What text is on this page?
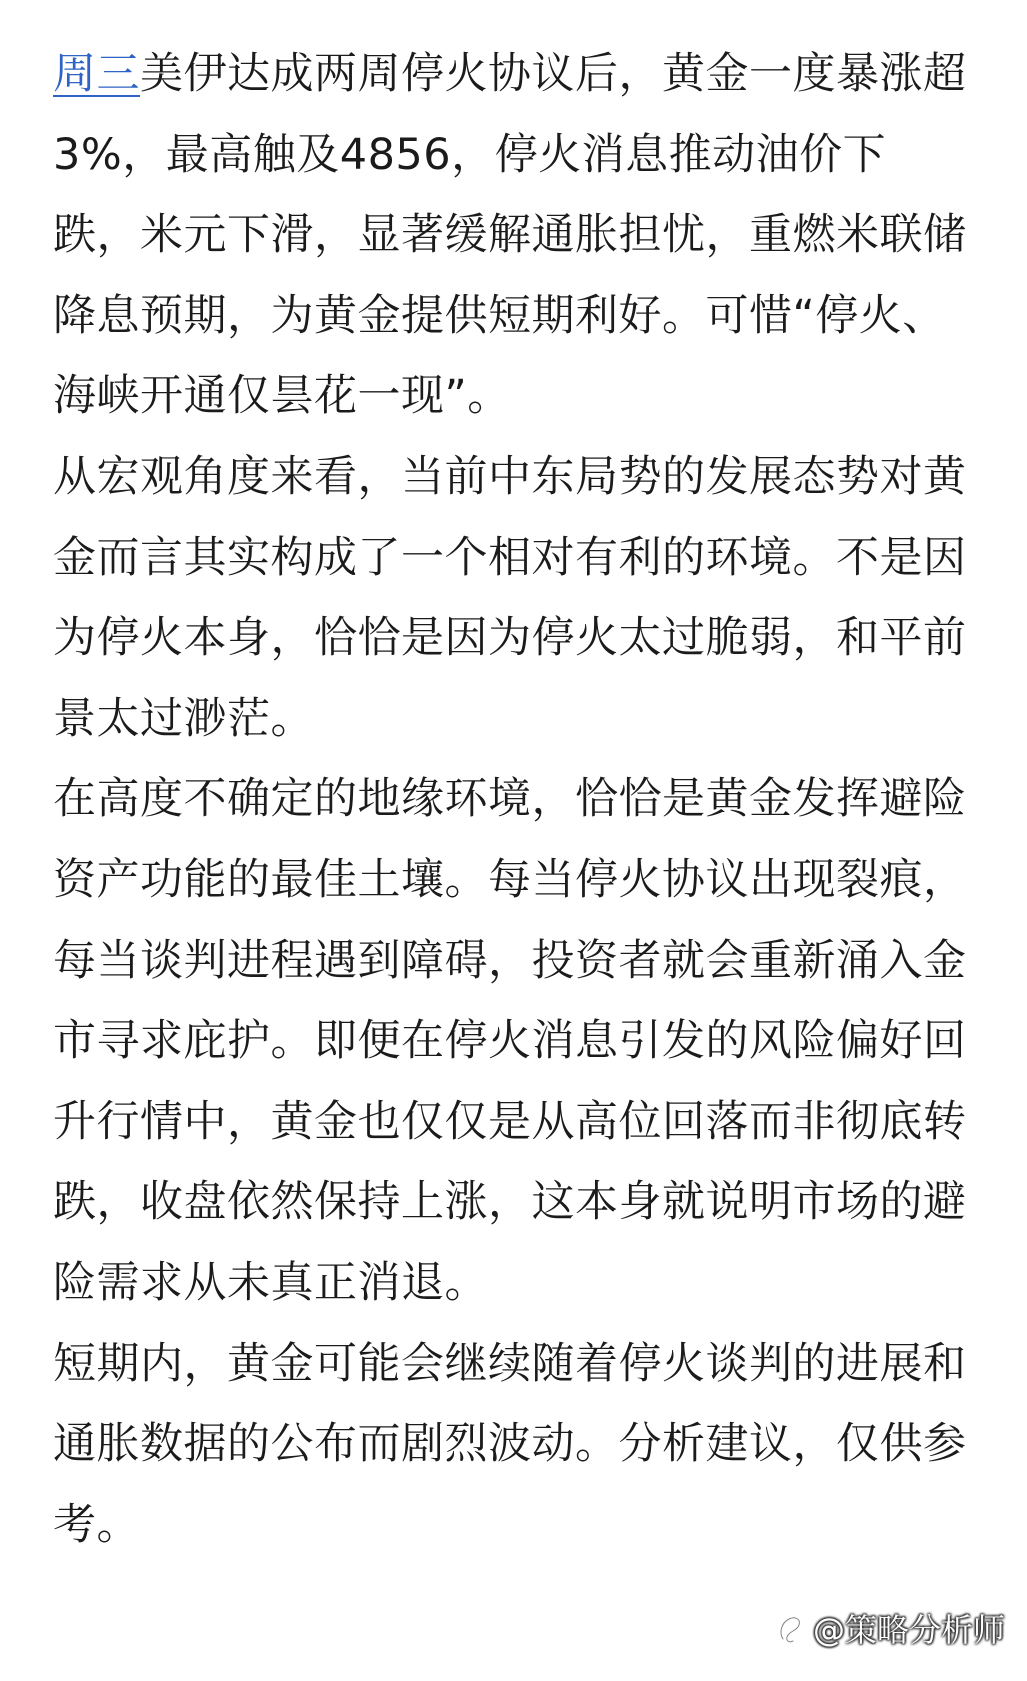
周三美伊达成两周停火协议后，黄金一度暴涨超3%，最高触及4856，停火消息推动油价下跌，米元下滑，显著缓解通胀担忧，重燃米联储降息预期，为黄金提供短期利好。可惜“停火、海峡开通仅昙花一现”。

从宏观角度来看，当前中东局势的发展态势对黄金而言其实构成了一个相对有利的环境。不是因为停火本身，恰恰是因为停火太过脆弱，和平前景太过渺茫。

在高度不确定的地缘环境，恰恰是黄金发挥避险资产功能的最佳土壤。每当停火协议出现裂痕，每当谈判进程遇到障碍，投资者就会重新涌入金市寻求庇护。即便在停火消息引发的风险偏好回升行情中，黄金也仅仅是从高位回落而非彻底转跌，收盘依然保持上涨，这本身就说明市场的避险需求从未真正消退。

短期内，黄金可能会继续随着停火谈判的进展和通胀数据的公布而剧烈波动。分析建议，仅供参考。

@策略分析师
